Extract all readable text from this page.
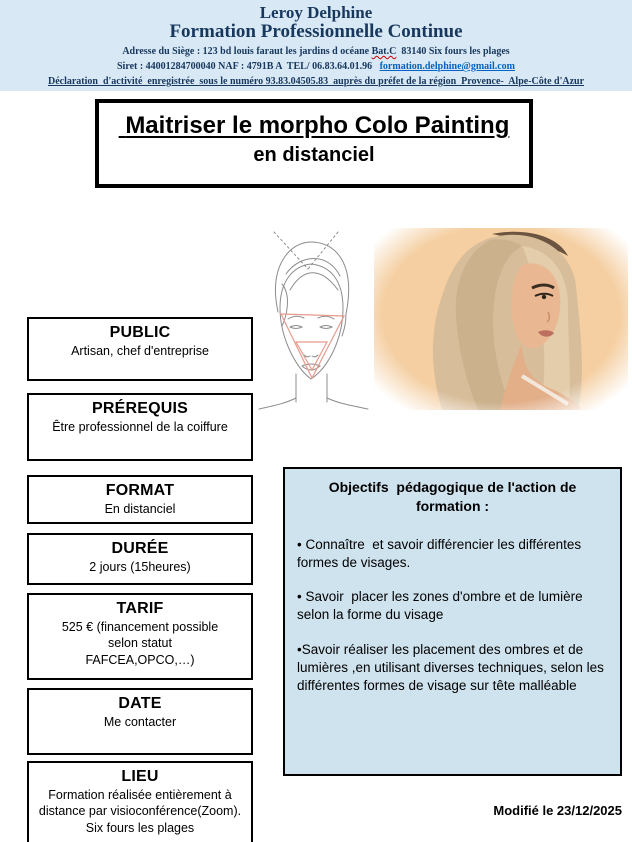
Leroy Delphine
Formation Professionnelle Continue
Adresse du Siège : 123 bd louis faraut les jardins d océane Bat.C  83140 Six fours les plages
Siret : 44001284700040 NAF : 4791B A  TEL/ 06.83.64.01.96   formation.delphine@gmail.com
Déclaration  d'activité  enregistrée  sous le numéro 93.83.04505.83  auprès du préfet de la région  Provence-  Alpe-Côte d'Azur
Maitriser le morpho Colo Painting
en distanciel
PUBLIC
Artisan, chef d'entreprise
PRÉREQUIS
Être professionnel de la coiffure
FORMAT
En distanciel
DURÉE
2 jours (15heures)
TARIF
525 € (financement possible selon statut FAFCEA,OPCO,…)
DATE
Me contacter
LIEU
Formation réalisée entièrement à distance par visioconférence(Zoom). Six fours les plages

Objectifs  pédagogique de l'action de formation :

• Connaître  et savoir différencier les différentes formes de visages.

• Savoir  placer les zones d'ombre et de lumière selon la forme du visage

•Savoir réaliser les placement des ombres et de lumières ,en utilisant diverses techniques, selon les différentes formes de visage sur tête malléable

Modifié le 23/12/2025
